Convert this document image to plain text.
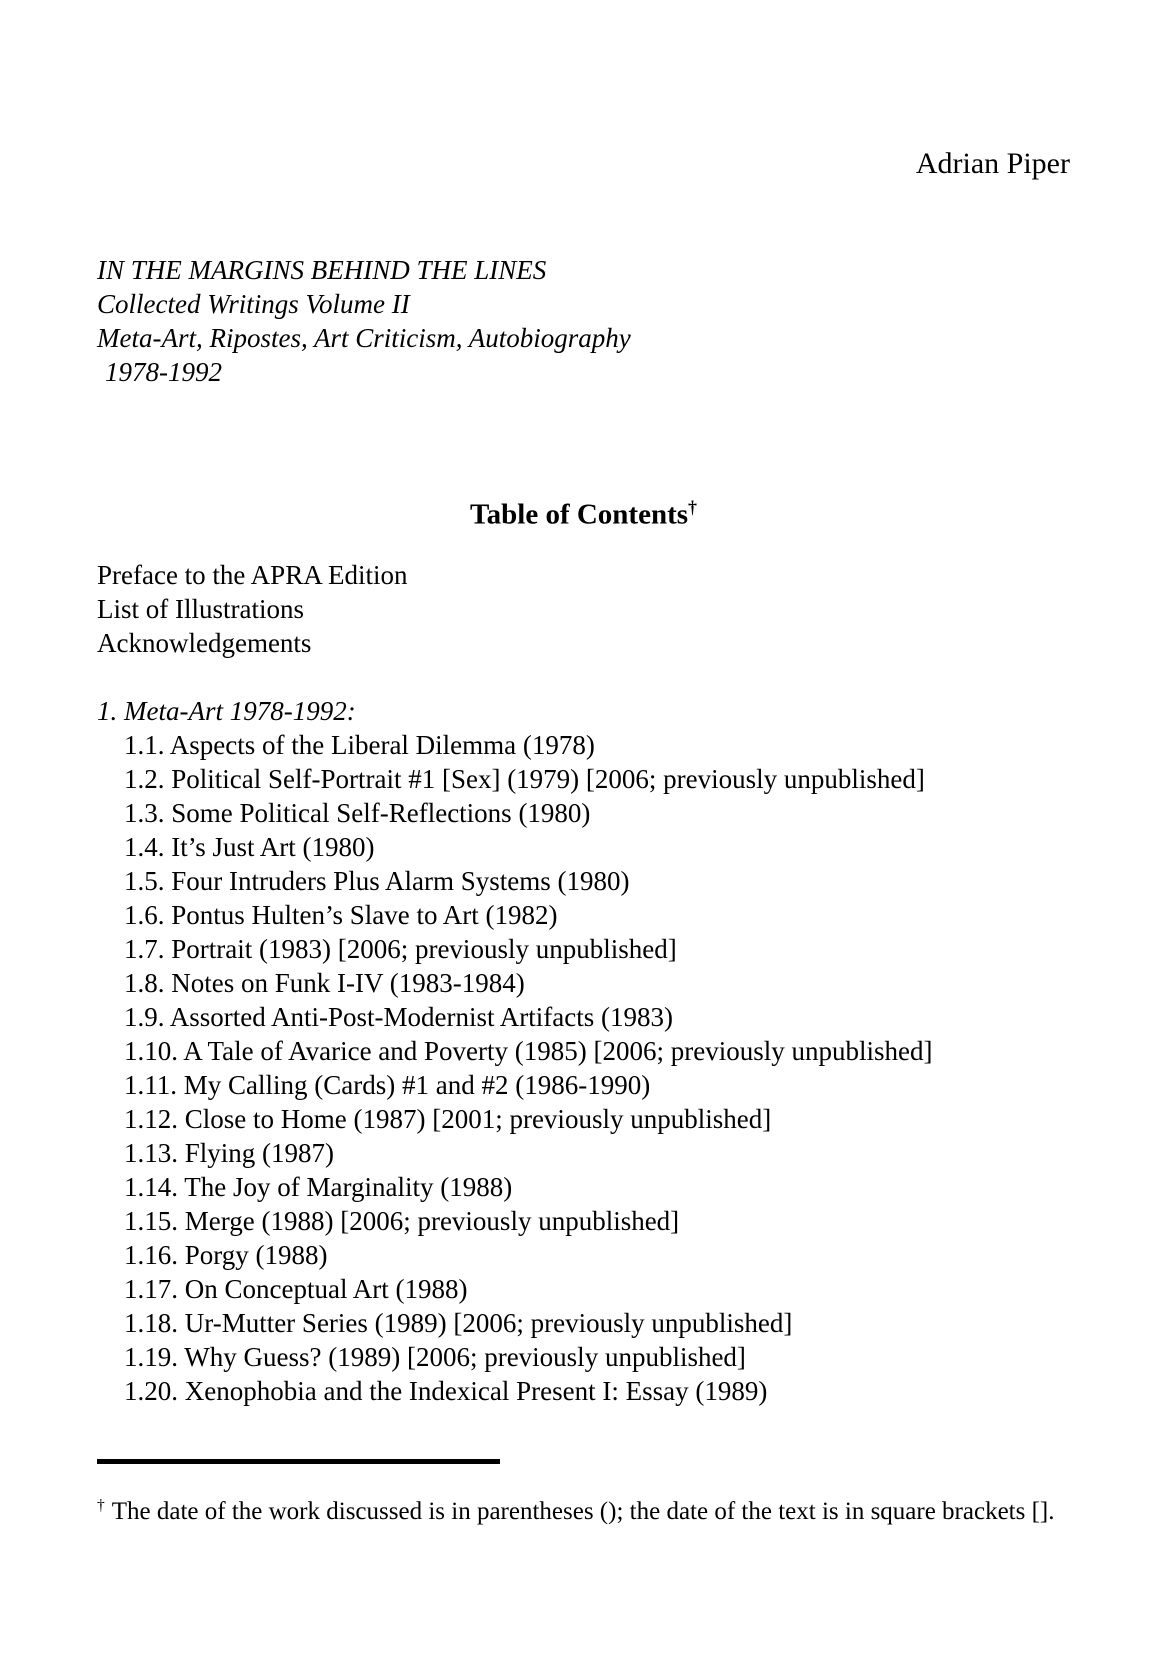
Adrian Piper
IN THE MARGINS BEHIND THE LINES
Collected Writings Volume II
Meta-Art, Ripostes, Art Criticism, Autobiography
1978-1992
Table of Contents†
Preface to the APRA Edition
List of Illustrations
Acknowledgements
1. Meta-Art 1978-1992:
1.1. Aspects of the Liberal Dilemma (1978)
1.2. Political Self-Portrait #1 [Sex] (1979) [2006; previously unpublished]
1.3. Some Political Self-Reflections (1980)
1.4. It’s Just Art (1980)
1.5. Four Intruders Plus Alarm Systems (1980)
1.6. Pontus Hulten’s Slave to Art (1982)
1.7. Portrait (1983) [2006; previously unpublished]
1.8. Notes on Funk I-IV (1983-1984)
1.9. Assorted Anti-Post-Modernist Artifacts (1983)
1.10. A Tale of Avarice and Poverty (1985) [2006; previously unpublished]
1.11. My Calling (Cards) #1 and #2 (1986-1990)
1.12. Close to Home (1987) [2001; previously unpublished]
1.13. Flying (1987)
1.14. The Joy of Marginality (1988)
1.15. Merge (1988) [2006; previously unpublished]
1.16. Porgy (1988)
1.17. On Conceptual Art (1988)
1.18. Ur-Mutter Series (1989) [2006; previously unpublished]
1.19. Why Guess? (1989) [2006; previously unpublished]
1.20. Xenophobia and the Indexical Present I: Essay (1989)
† The date of the work discussed is in parentheses (); the date of the text is in square brackets [].
